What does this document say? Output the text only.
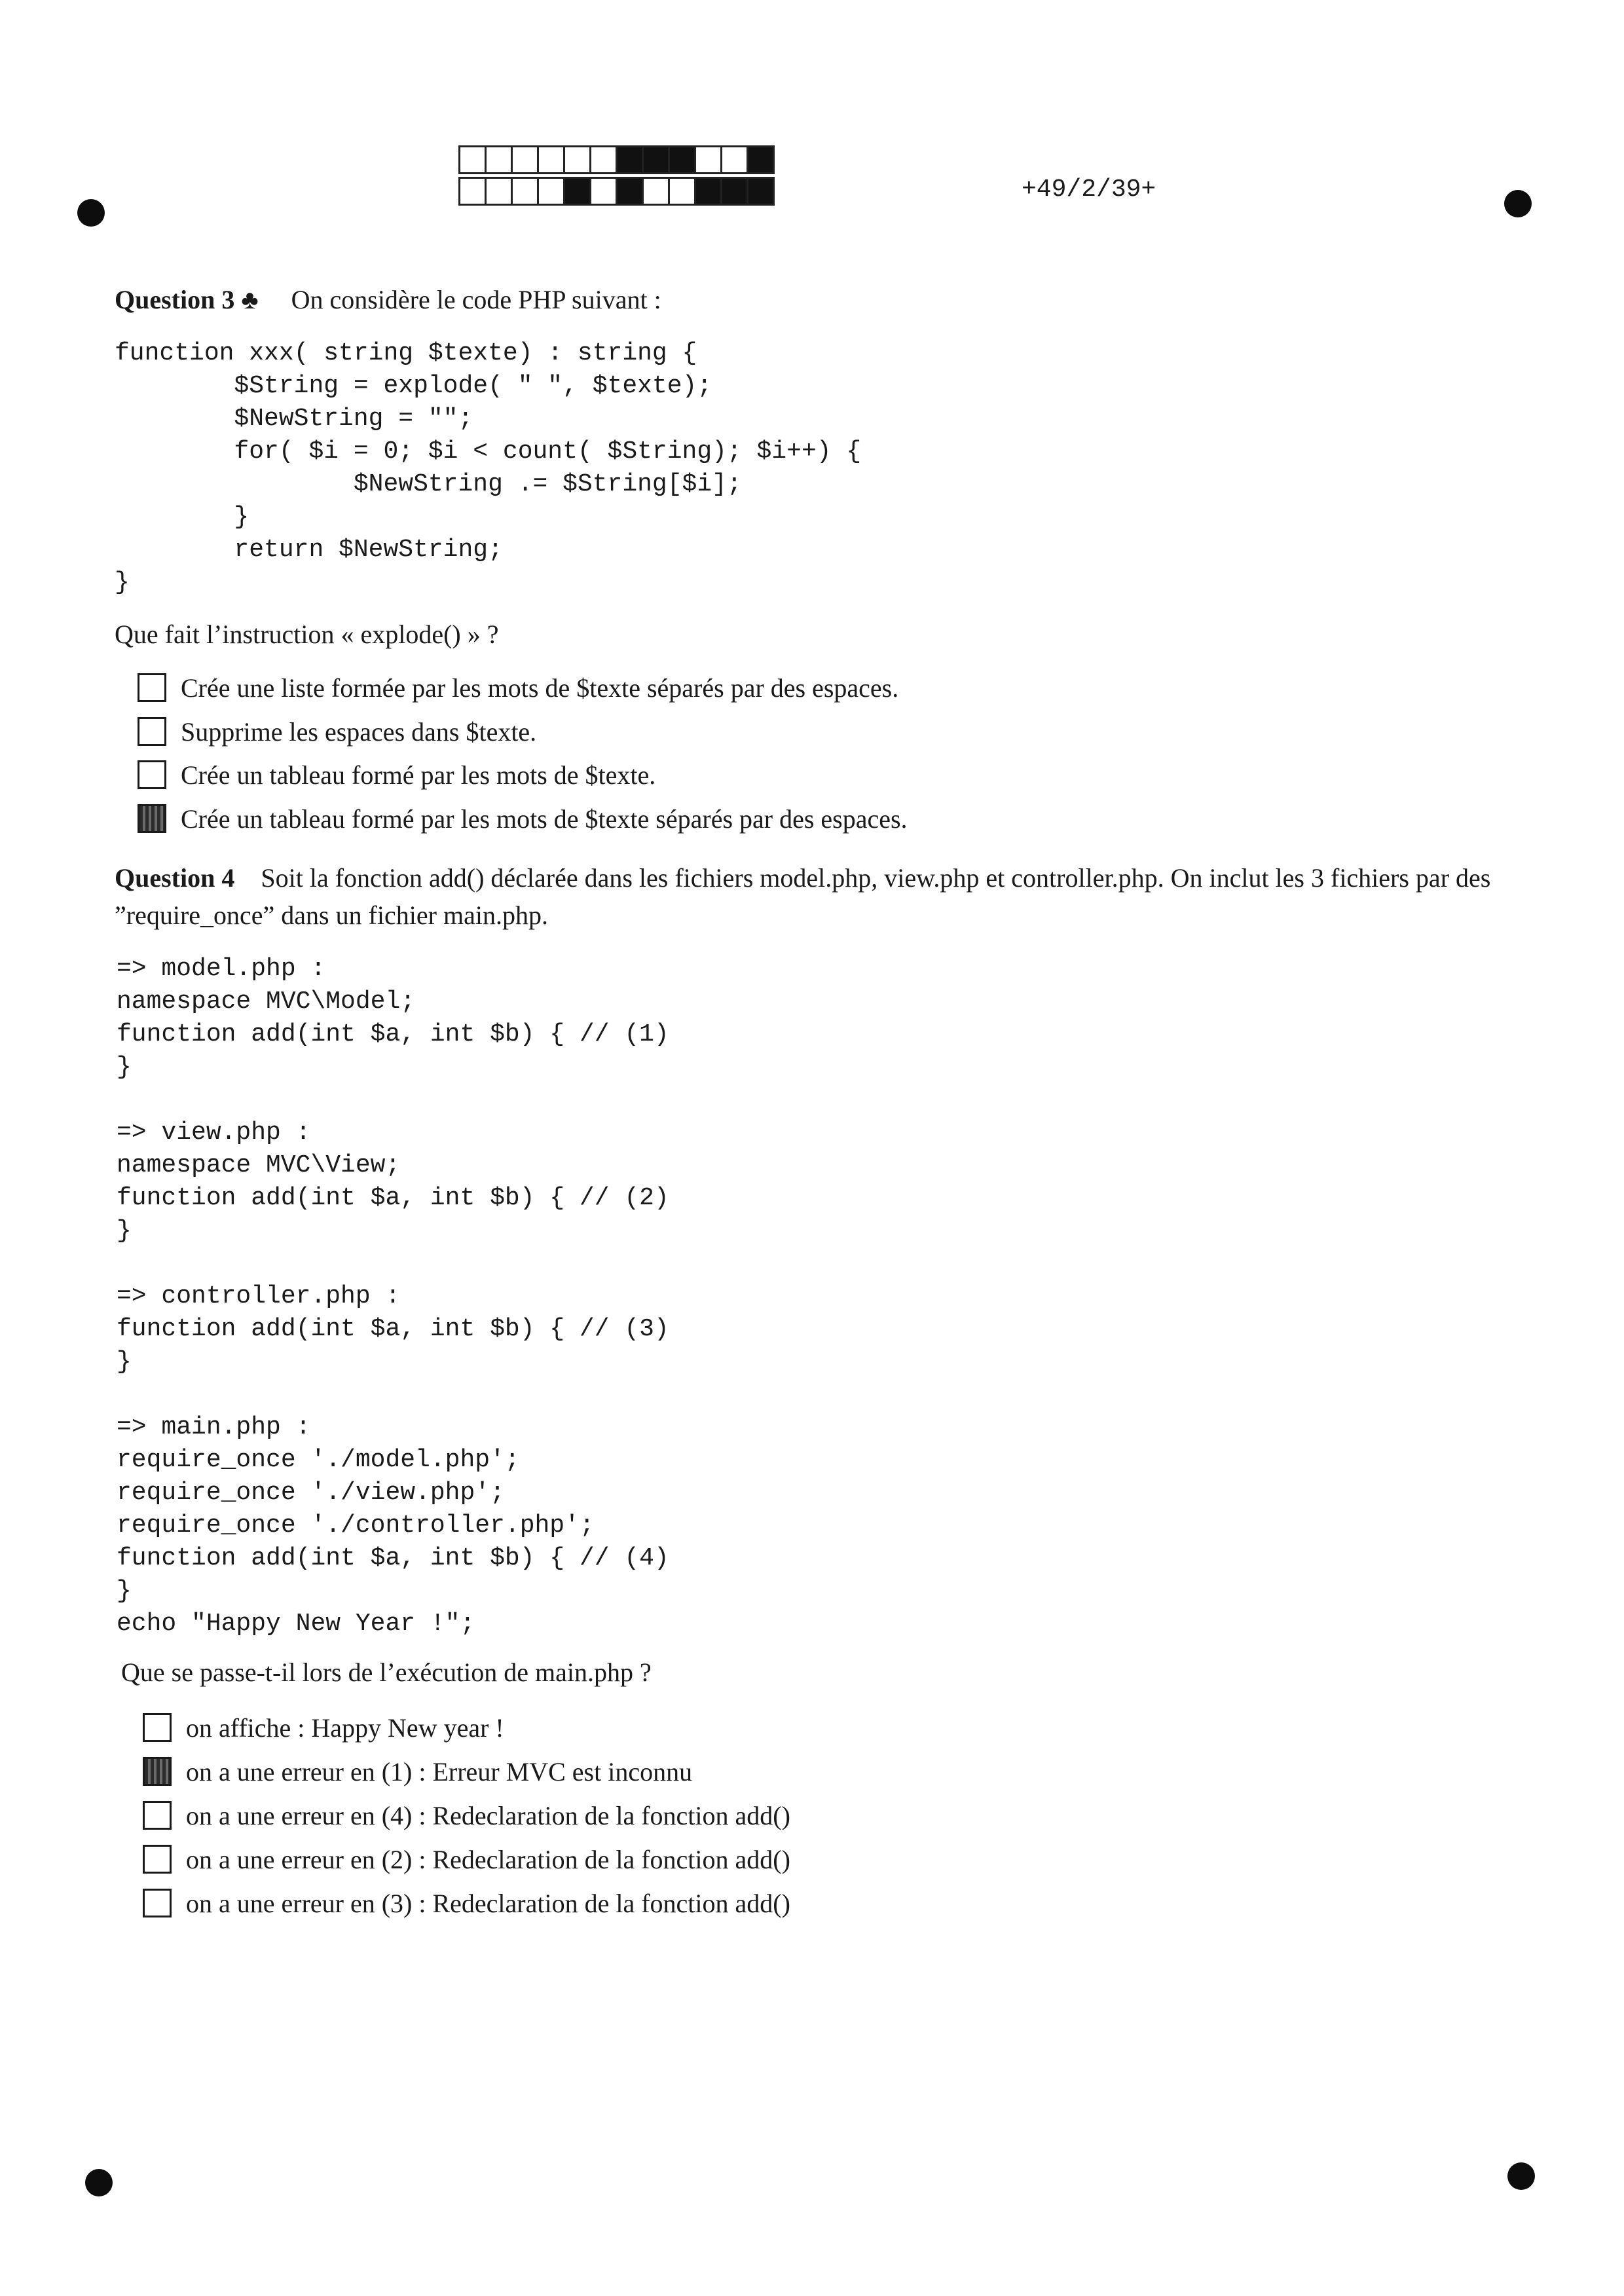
+49/2/39+
Question 3 ♣ On considère le code PHP suivant :
function xxx( string $texte) : string {
$String = explode( " ", $texte);
$NewString = "";
for( $i = 0; $i < count( $String); $i++) {
$NewString .= $String[$i];
}
return $NewString;
}
Que fait l’instruction « explode() » ?
Crée une liste formée par les mots de $texte séparés par des espaces.
Supprime les espaces dans $texte.
Crée un tableau formé par les mots de $texte.
Crée un tableau formé par les mots de $texte séparés par des espaces.
Question 4 Soit la fonction add() déclarée dans les fichiers model.php, view.php et controller.php. On inclut les 3 fichiers par des ”require_once” dans un fichier main.php.
=> model.php :
namespace MVC\Model;
function add(int $a, int $b) { // (1)
}

=> view.php :
namespace MVC\View;
function add(int $a, int $b) { // (2)
}

=> controller.php :
function add(int $a, int $b) { // (3)
}

=> main.php :
require_once './model.php';
require_once './view.php';
require_once './controller.php';
function add(int $a, int $b) { // (4)
}
echo "Happy New Year !";
Que se passe-t-il lors de l’exécution de main.php ?
on affiche : Happy New year !
on a une erreur en (1) : Erreur MVC est inconnu
on a une erreur en (4) : Redeclaration de la fonction add()
on a une erreur en (2) : Redeclaration de la fonction add()
on a une erreur en (3) : Redeclaration de la fonction add()
